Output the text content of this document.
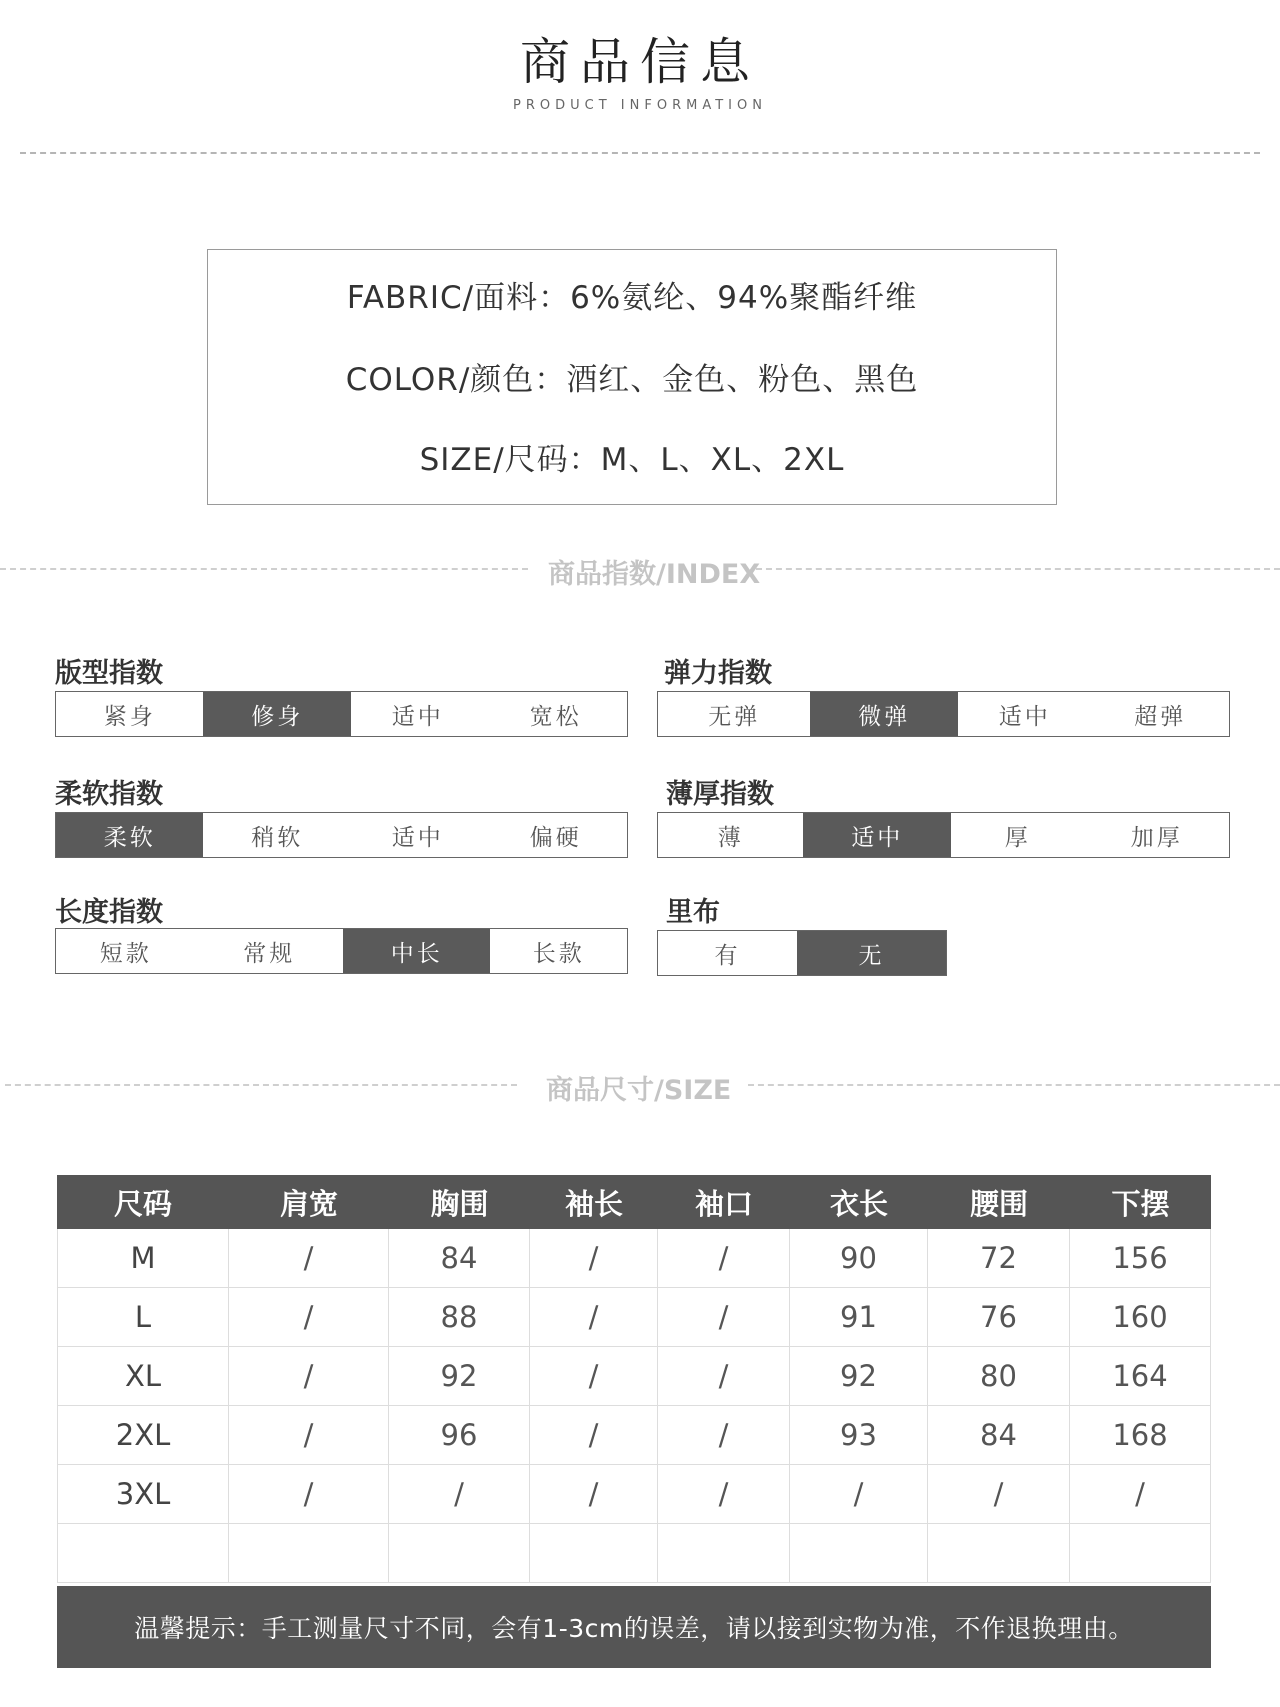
商品信息
PRODUCT INFORMATION
FABRIC/面料：6%氨纶、94%聚酯纤维
COLOR/颜色：酒红、金色、粉色、黑色
SIZE/尺码：M、L、XL、2XL
商品指数/INDEX
版型指数
紧身	修身	适中	宽松
弹力指数
无弹	微弹	适中	超弹
柔软指数
柔软	稍软	适中	偏硬
薄厚指数
薄	适中	厚	加厚
长度指数
短款	常规	中长	长款
里布
有	无
商品尺寸/SIZE
尺码	肩宽	胸围	袖长	袖口	衣长	腰围	下摆
M	/	84	/	/	90	72	156
L	/	88	/	/	91	76	160
XL	/	92	/	/	92	80	164
2XL	/	96	/	/	93	84	168
3XL	/	/	/	/	/	/	/
温馨提示：手工测量尺寸不同，会有1-3cm的误差，请以接到实物为准，不作退换理由。
